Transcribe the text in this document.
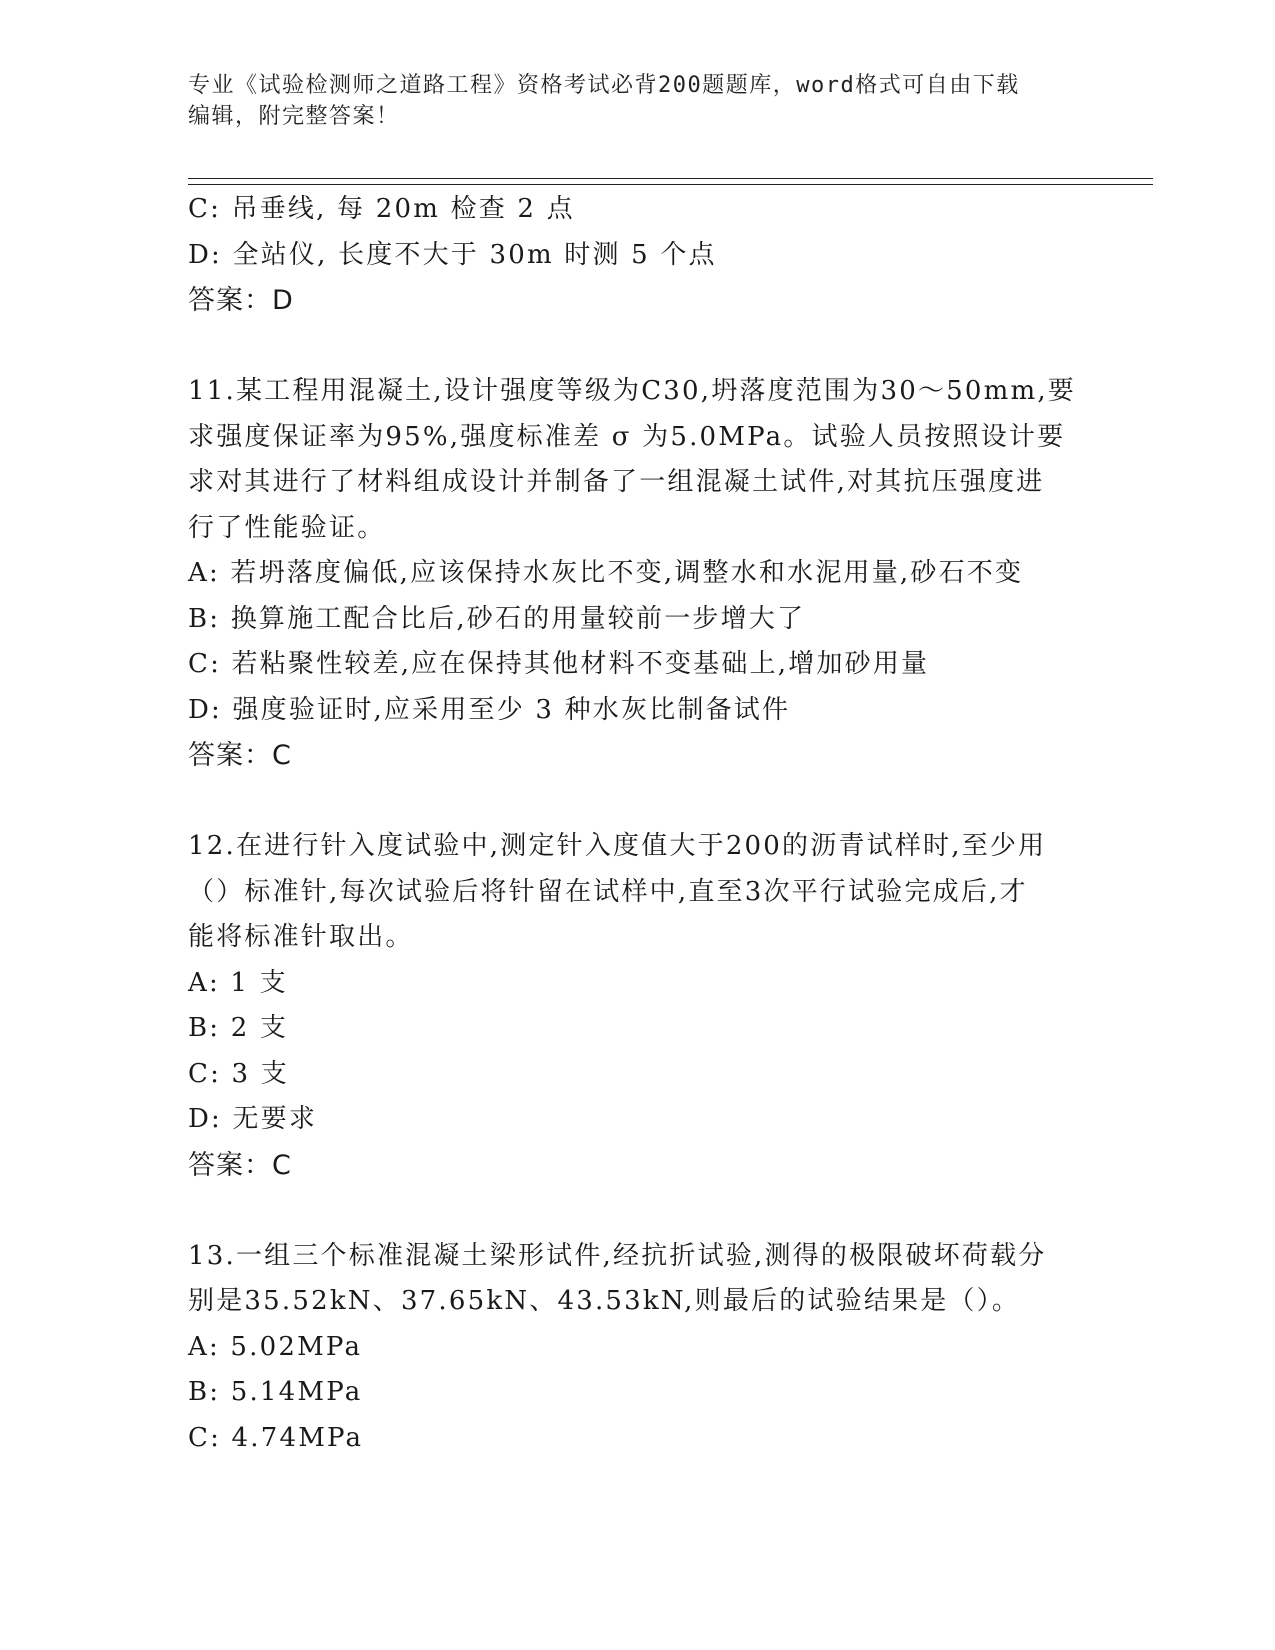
专业《试验检测师之道路工程》资格考试必背200题题库，word格式可自由下载
编辑，附完整答案！
C: 吊垂线, 每 20m 检查 2 点
D: 全站仪, 长度不大于 30m 时测 5 个点
答案：D
11.某工程用混凝土,设计强度等级为C30,坍落度范围为30～50mm,要
求强度保证率为95%,强度标准差 σ 为5.0MPa。试验人员按照设计要
求对其进行了材料组成设计并制备了一组混凝土试件,对其抗压强度进
行了性能验证。
A: 若坍落度偏低,应该保持水灰比不变,调整水和水泥用量,砂石不变
B: 换算施工配合比后,砂石的用量较前一步增大了
C: 若粘聚性较差,应在保持其他材料不变基础上,增加砂用量
D: 强度验证时,应采用至少 3 种水灰比制备试件
答案：C
12.在进行针入度试验中,测定针入度值大于200的沥青试样时,至少用
（）标准针,每次试验后将针留在试样中,直至3次平行试验完成后,才
能将标准针取出。
A: 1 支
B: 2 支
C: 3 支
D: 无要求
答案：C
13.一组三个标准混凝土梁形试件,经抗折试验,测得的极限破坏荷载分
别是35.52kN、37.65kN、43.53kN,则最后的试验结果是（）。
A: 5.02MPa
B: 5.14MPa
C: 4.74MPa
